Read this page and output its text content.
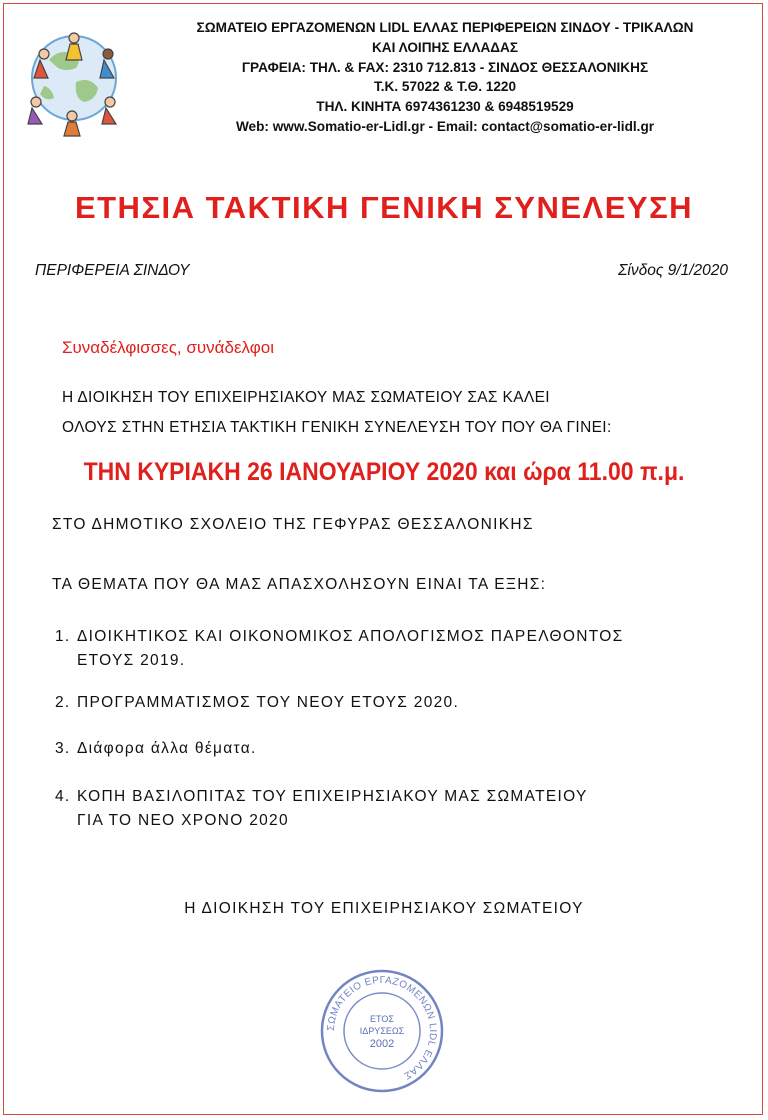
ΣΩΜΑΤΕΙΟ ΕΡΓΑΖΟΜΕΝΩΝ LIDL ΕΛΛΑΣ ΠΕΡΙΦΕΡΕΙΩΝ ΣΙΝΔΟΥ - ΤΡΙΚΑΛΩΝ
ΚΑΙ ΛΟΙΠΗΣ ΕΛΛΑΔΑΣ
ΓΡΑΦΕΙΑ: ΤΗΛ. & FAX: 2310 712.813 - ΣΙΝΔΟΣ ΘΕΣΣΑΛΟΝΙΚΗΣ
Τ.Κ. 57022 & Τ.Θ. 1220
ΤΗΛ. ΚΙΝΗΤΑ 6974361230 & 6948519529
Web: www.Somatio-er-Lidl.gr - Email: contact@somatio-er-lidl.gr
ΕΤΗΣΙΑ ΤΑΚΤΙΚΗ ΓΕΝΙΚΗ ΣΥΝΕΛΕΥΣΗ
ΠΕΡΙΦΕΡΕΙΑ ΣΙΝΔΟΥ	Σίνδος 9/1/2020
Συναδέλφισσες, συνάδελφοι
Η ΔΙΟΙΚΗΣΗ ΤΟΥ ΕΠΙΧΕΙΡΗΣΙΑΚΟΥ ΜΑΣ ΣΩΜΑΤΕΙΟΥ ΣΑΣ ΚΑΛΕΙ
ΟΛΟΥΣ ΣΤΗΝ ΕΤΗΣΙΑ ΤΑΚΤΙΚΗ ΓΕΝΙΚΗ ΣΥΝΕΛΕΥΣΗ ΤΟΥ ΠΟΥ ΘΑ ΓΙΝΕΙ:
ΤΗΝ ΚΥΡΙΑΚΗ 26 ΙΑΝΟΥΑΡΙΟΥ 2020 και ώρα 11.00 π.μ.
ΣΤΟ ΔΗΜΟΤΙΚΟ ΣΧΟΛΕΙΟ ΤΗΣ ΓΕΦΥΡΑΣ ΘΕΣΣΑΛΟΝΙΚΗΣ
ΤΑ ΘΕΜΑΤΑ ΠΟΥ ΘΑ ΜΑΣ ΑΠΑΣΧΟΛΗΣΟΥΝ ΕΙΝΑΙ ΤΑ ΕΞΗΣ:
1. ΔΙΟΙΚΗΤΙΚΟΣ ΚΑΙ ΟΙΚΟΝΟΜΙΚΟΣ ΑΠΟΛΟΓΙΣΜΟΣ ΠΑΡΕΛΘΟΝΤΟΣ
ΕΤΟΥΣ 2019.
2. ΠΡΟΓΡΑΜΜΑΤΙΣΜΟΣ ΤΟΥ ΝΕΟΥ ΕΤΟΥΣ 2020.
3. Διάφορα άλλα θέματα.
4. ΚΟΠΗ ΒΑΣΙΛΟΠΙΤΑΣ ΤΟΥ ΕΠΙΧΕΙΡΗΣΙΑΚΟΥ ΜΑΣ ΣΩΜΑΤΕΙΟΥ
ΓΙΑ ΤΟ ΝΕΟ ΧΡΟΝΟ 2020
Η ΔΙΟΙΚΗΣΗ ΤΟΥ ΕΠΙΧΕΙΡΗΣΙΑΚΟΥ ΣΩΜΑΤΕΙΟΥ
ΣΩΜΑΤΕΙΟ ΕΡΓΑΖΟΜΕΝΩΝ LIDL ΕΛΛΑΣ
ΕΤΟΣ
ΙΔΡΥΣΕΩΣ
2002
